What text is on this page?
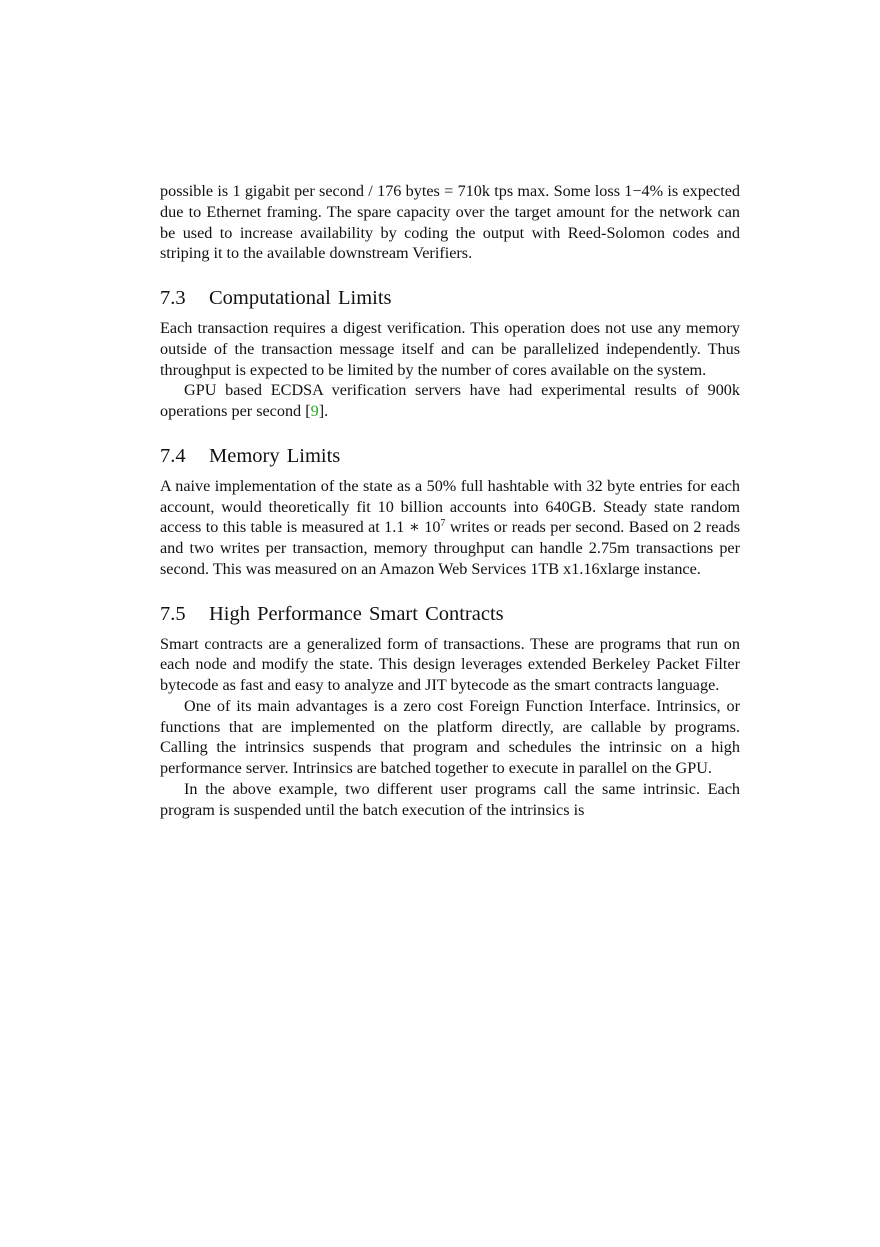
possible is 1 gigabit per second / 176 bytes = 710k tps max. Some loss 1−4% is expected due to Ethernet framing. The spare capacity over the target amount for the network can be used to increase availability by coding the output with Reed-Solomon codes and striping it to the available downstream Verifiers.

7.3 Computational Limits

Each transaction requires a digest verification. This operation does not use any memory outside of the transaction message itself and can be parallelized independently. Thus throughput is expected to be limited by the number of cores available on the system.

GPU based ECDSA verification servers have had experimental results of 900k operations per second [9].

7.4 Memory Limits

A naive implementation of the state as a 50% full hashtable with 32 byte entries for each account, would theoretically fit 10 billion accounts into 640GB. Steady state random access to this table is measured at 1.1 ∗ $10^7$ writes or reads per second. Based on 2 reads and two writes per transaction, memory throughput can handle 2.75m transactions per second. This was measured on an Amazon Web Services 1TB x1.16xlarge instance.

7.5 High Performance Smart Contracts

Smart contracts are a generalized form of transactions. These are programs that run on each node and modify the state. This design leverages extended Berkeley Packet Filter bytecode as fast and easy to analyze and JIT bytecode as the smart contracts language.

One of its main advantages is a zero cost Foreign Function Interface. Intrinsics, or functions that are implemented on the platform directly, are callable by programs. Calling the intrinsics suspends that program and schedules the intrinsic on a high performance server. Intrinsics are batched together to execute in parallel on the GPU.

In the above example, two different user programs call the same intrinsic. Each program is suspended until the batch execution of the intrinsics is
